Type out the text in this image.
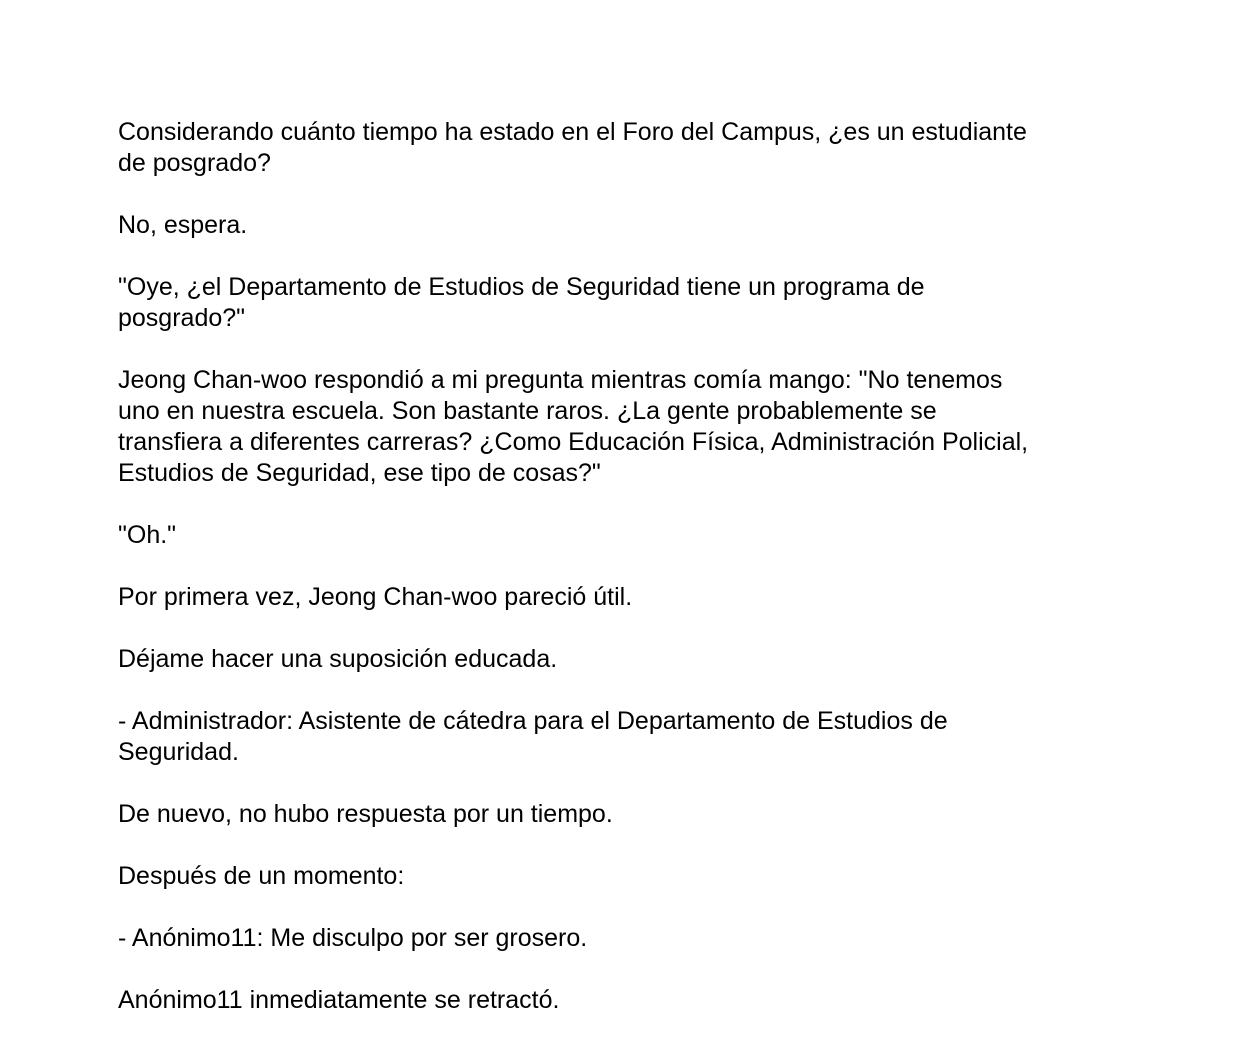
Considerando cuánto tiempo ha estado en el Foro del Campus, ¿es un estudiante
de posgrado?

No, espera.

"Oye, ¿el Departamento de Estudios de Seguridad tiene un programa de
posgrado?"

Jeong Chan-woo respondió a mi pregunta mientras comía mango: "No tenemos
uno en nuestra escuela. Son bastante raros. ¿La gente probablemente se
transfiera a diferentes carreras? ¿Como Educación Física, Administración Policial,
Estudios de Seguridad, ese tipo de cosas?"

"Oh."

Por primera vez, Jeong Chan-woo pareció útil.

Déjame hacer una suposición educada.

- Administrador: Asistente de cátedra para el Departamento de Estudios de
Seguridad.

De nuevo, no hubo respuesta por un tiempo.

Después de un momento:

- Anónimo11: Me disculpo por ser grosero.

Anónimo11 inmediatamente se retractó.
